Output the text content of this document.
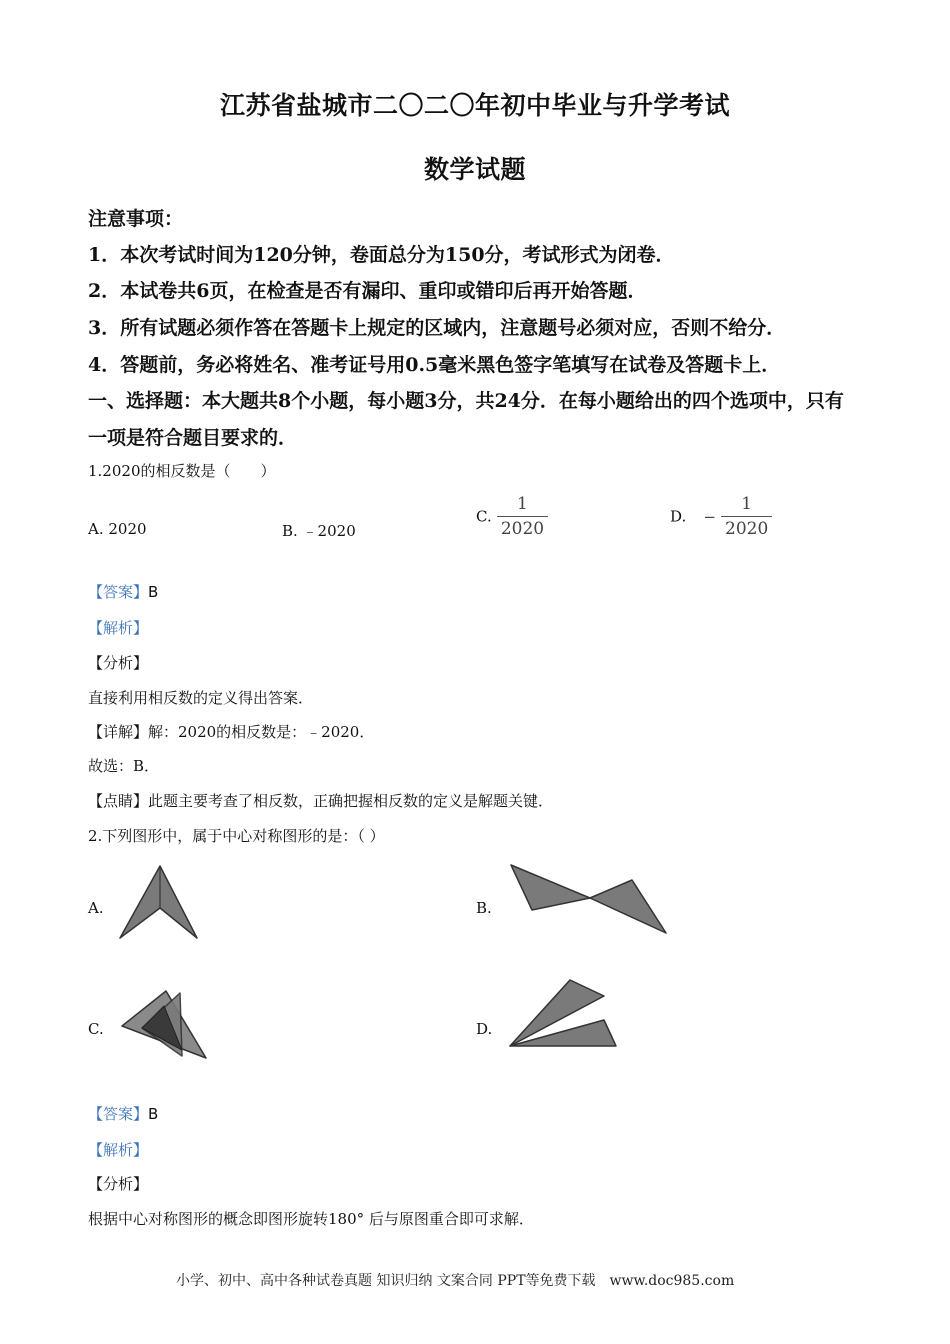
江苏省盐城市二〇二〇年初中毕业与升学考试
数学试题
注意事项：
1．本次考试时间为120分钟，卷面总分为150分，考试形式为闭卷．
2．本试卷共6页，在检查是否有漏印、重印或错印后再开始答题．
3．所有试题必须作答在答题卡上规定的区域内，注意题号必须对应，否则不给分．
4．答题前，务必将姓名、准考证号用0.5毫米黑色签字笔填写在试卷及答题卡上．
一、选择题：本大题共8个小题，每小题3分，共24分．在每小题给出的四个选项中，只有
一项是符合题目要求的．
1.2020的相反数是（　　）
A. 2020	B. ﹣2020
C. $\frac{1}{2020}$	D. − $\frac{1}{2020}$
【答案】B
【解析】
【分析】
直接利用相反数的定义得出答案．
【详解】解：2020的相反数是：﹣2020．
故选：B．
【点睛】此题主要考查了相反数，正确把握相反数的定义是解题关键．
2.下列图形中，属于中心对称图形的是：（ ）
A.	B.
C.	D.
【答案】B
【解析】
【分析】
根据中心对称图形的概念即图形旋转180° 后与原图重合即可求解．
小学、初中、高中各种试卷真题 知识归纳 文案合同 PPT等免费下载　www.doc985.com
